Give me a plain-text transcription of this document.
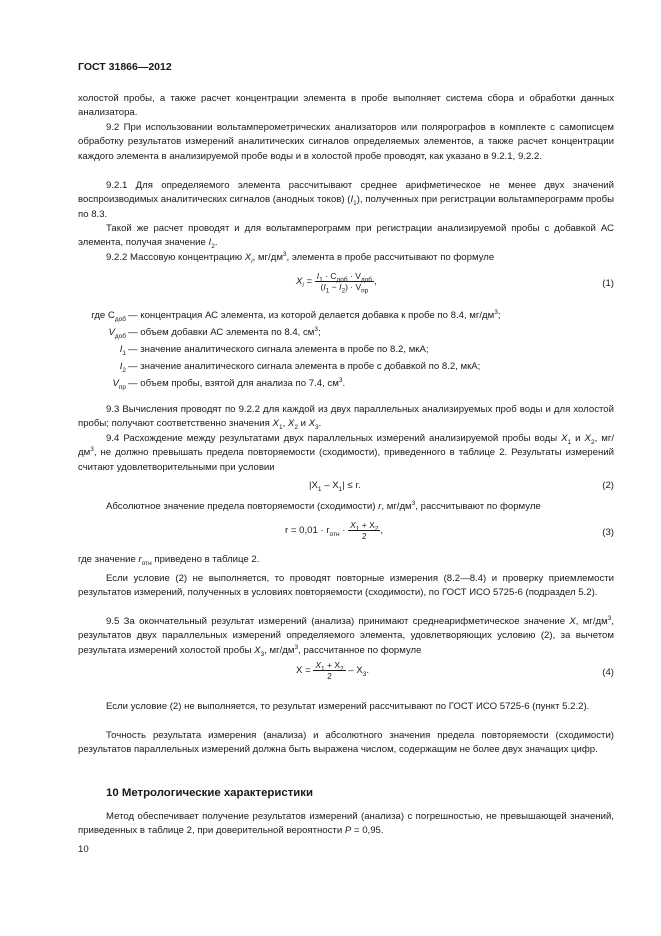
ГОСТ 31866—2012
холостой пробы, а также расчет концентрации элемента в пробе выполняет система сбора и обработки данных анализатора.
9.2 При использовании вольтамперометрических анализаторов или полярографов в комплекте с самописцем обработку результатов измерений аналитических сигналов определяемых элементов, а также расчет концентрации каждого элемента в анализируемой пробе воды и в холостой пробе проводят, как указано в 9.2.1, 9.2.2.
9.2.1 Для определяемого элемента рассчитывают среднее арифметическое не менее двух значений воспроизводимых аналитических сигналов (анодных токов) $(I_1)$, полученных при регистрации вольтамперограмм пробы по 8.3.
Такой же расчет проводят и для вольтамперограмм при регистрации анализируемой пробы с добавкой АС элемента, получая значение $I_2$.
9.2.2 Массовую концентрацию $X_i$, $мг/дм^3$, элемента в пробе рассчитывают по формуле
$X_i = \frac{I_1 \cdot C_{доб} \cdot V_{доб}}{(I_1 - I_2) \cdot V_{пр}}$ ,	(1)
где $C_{доб}$ — концентрация АС элемента, из которой делается добавка к пробе по 8.4, $мг/дм^3$;
$V_{доб}$ — объем добавки АС элемента по 8.4, $см^3$;
$I_1$ — значение аналитического сигнала элемента в пробе по 8.2, мкА;
$I_2$ — значение аналитического сигнала элемента в пробе с добавкой по 8.2, мкА;
$V_{пр}$ — объем пробы, взятой для анализа по 7.4, $см^3$.
9.3 Вычисления проводят по 9.2.2 для каждой из двух параллельных анализируемых проб воды и для холостой пробы; получают соответственно значения $X_1$, $X_2$ и $X_3$.
9.4 Расхождение между результатами двух параллельных измерений анализируемой пробы воды $X_1$ и $X_2$, $мг/дм^3$, не должно превышать предела повторяемости (сходимости), приведенного в таблице 2. Результаты измерений считают удовлетворительными при условии
$|X_1 - X_1| \le r$.	(2)
Абсолютное значение предела повторяемости (сходимости) r, $мг/дм^3$, рассчитывают по формуле
$r = 0,01 \cdot r_{отн} \cdot \frac{X_1 + X_2}{2}$ ,	(3)
где значение $r_{отн}$ приведено в таблице 2.
Если условие (2) не выполняется, то проводят повторные измерения (8.2—8.4) и проверку приемлемости результатов измерений, полученных в условиях повторяемости (сходимости), по ГОСТ ИСО 5725-6 (подраздел 5.2).
9.5 За окончательный результат измерений (анализа) принимают среднеарифметическое значение X, $мг/дм^3$, результатов двух параллельных измерений определяемого элемента, удовлетворяющих условию (2), за вычетом результата измерений холостой пробы $X_3$, $мг/дм^3$, рассчитанное по формуле
$X = \frac{X_1 + X_2}{2} - X_3$.	(4)
Если условие (2) не выполняется, то результат измерений рассчитывают по ГОСТ ИСО 5725-6 (пункт 5.2.2).
Точность результата измерения (анализа) и абсолютного значения предела повторяемости (сходимости) результатов параллельных измерений должна быть выражена числом, содержащим не более двух значащих цифр.
10 Метрологические характеристики
Метод обеспечивает получение результатов измерений (анализа) с погрешностью, не превышающей значений, приведенных в таблице 2, при доверительной вероятности P = 0,95.
10
